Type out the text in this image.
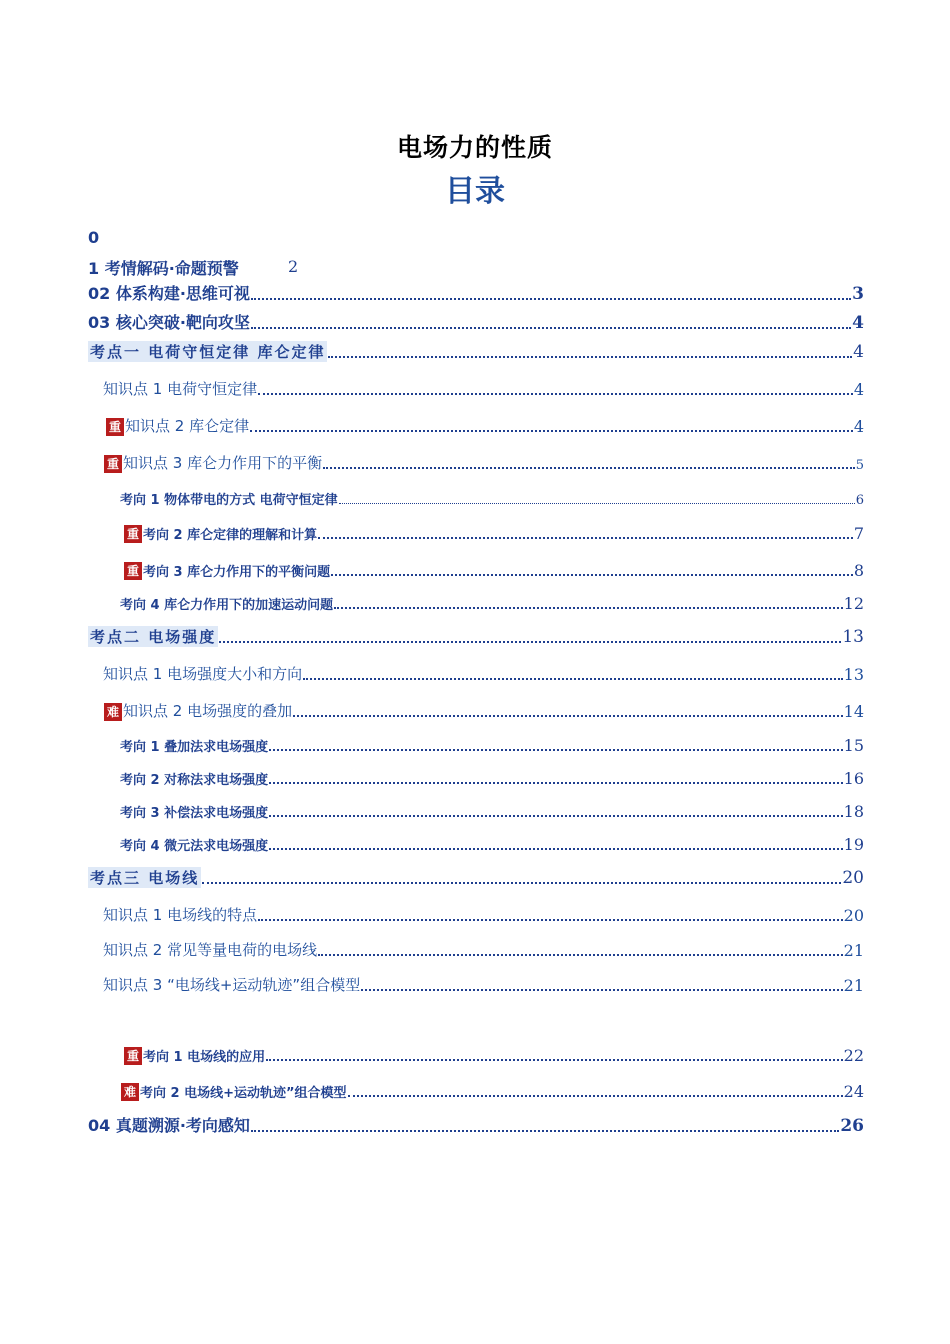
电场力的性质
目录
0
1 考情解码·命题预警	2
02 体系构建·思维可视	3
03 核心突破·靶向攻坚	4
考点一 电荷守恒定律 库仑定律	4
知识点 1 电荷守恒定律	4
重 知识点 2 库仑定律	4
重 知识点 3 库仑力作用下的平衡	5
考向 1 物体带电的方式 电荷守恒定律	6
重 考向 2 库仑定律的理解和计算	7
重 考向 3 库仑力作用下的平衡问题	8
考向 4 库仑力作用下的加速运动问题	12
考点二 电场强度	13
知识点 1 电场强度大小和方向	13
难 知识点 2 电场强度的叠加	14
考向 1 叠加法求电场强度	15
考向 2 对称法求电场强度	16
考向 3 补偿法求电场强度	18
考向 4 微元法求电场强度	19
考点三 电场线	20
知识点 1 电场线的特点	20
知识点 2 常见等量电荷的电场线	21
知识点 3 “电场线+运动轨迹”组合模型	21
重 考向 1 电场线的应用	22
难 考向 2 电场线+运动轨迹”组合模型	24
04 真题溯源·考向感知	26
